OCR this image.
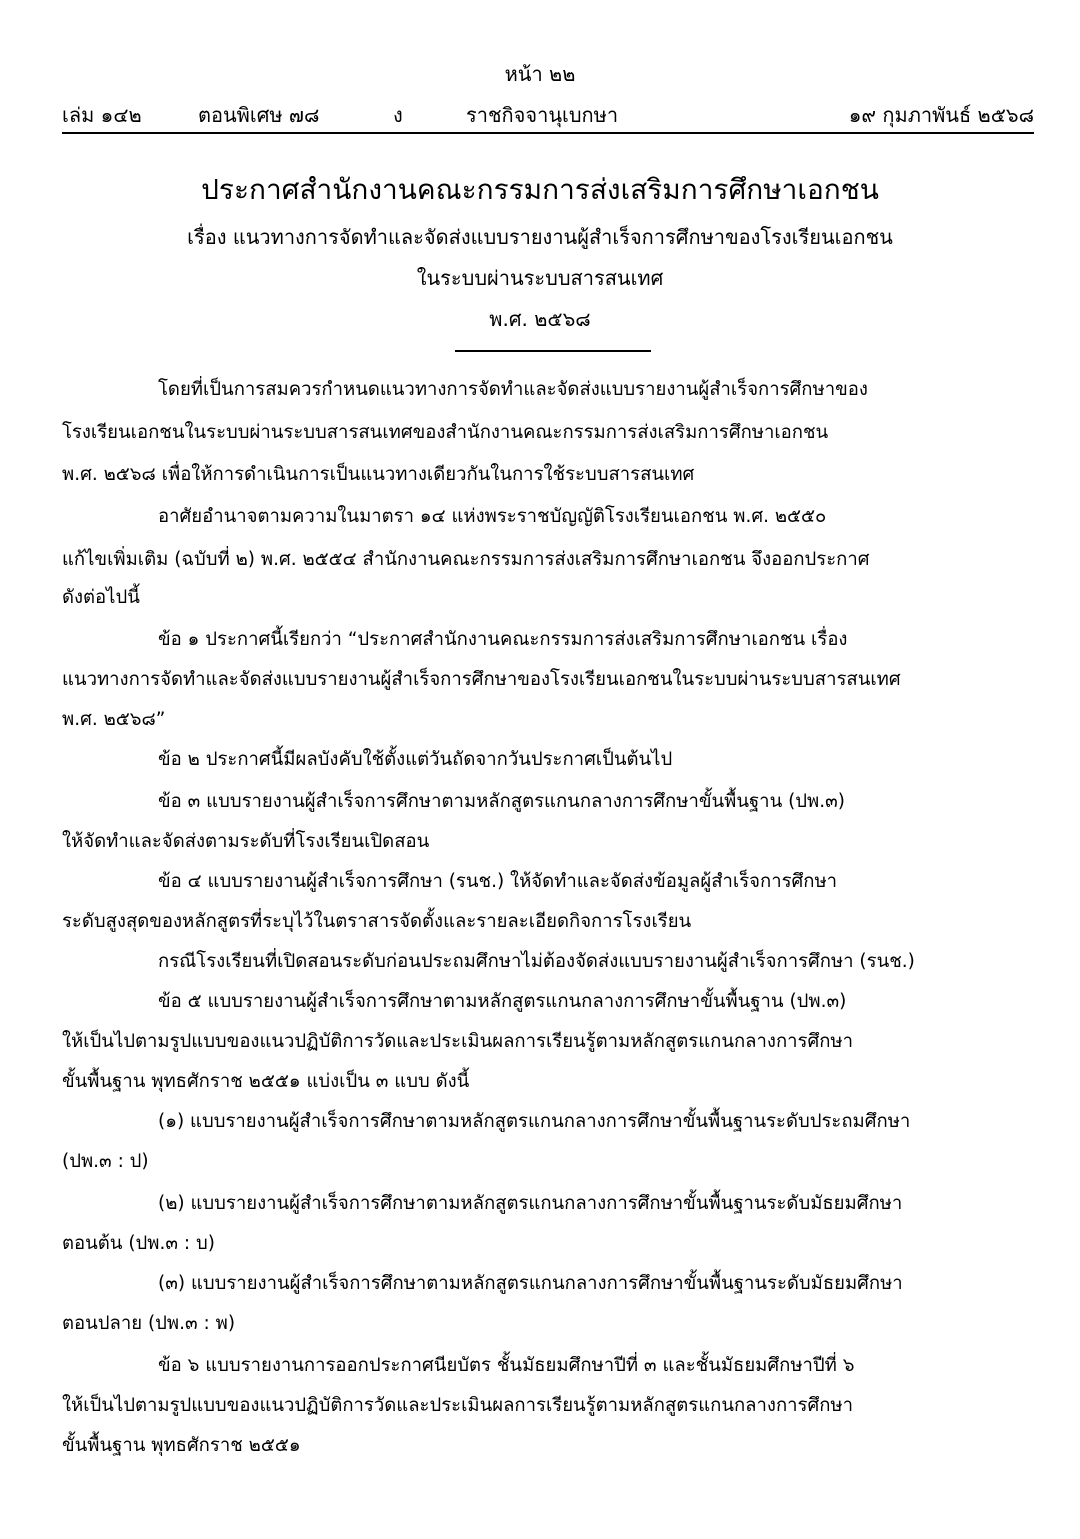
หน้า ๒๒
เล่ม ๑๔๒	ตอนพิเศษ ๗๘	ง	ราชกิจจานุเบกษา	๑๙ กุมภาพันธ์ ๒๕๖๘
ประกาศสำนักงานคณะกรรมการส่งเสริมการศึกษาเอกชน
เรื่อง แนวทางการจัดทำและจัดส่งแบบรายงานผู้สำเร็จการศึกษาของโรงเรียนเอกชน
ในระบบผ่านระบบสารสนเทศ
พ.ศ. ๒๕๖๘
โดยที่เป็นการสมควรกำหนดแนวทางการจัดทำและจัดส่งแบบรายงานผู้สำเร็จการศึกษาของ
โรงเรียนเอกชนในระบบผ่านระบบสารสนเทศของสำนักงานคณะกรรมการส่งเสริมการศึกษาเอกชน
พ.ศ. ๒๕๖๘ เพื่อให้การดำเนินการเป็นแนวทางเดียวกันในการใช้ระบบสารสนเทศ
อาศัยอำนาจตามความในมาตรา ๑๔ แห่งพระราชบัญญัติโรงเรียนเอกชน พ.ศ. ๒๕๕๐
แก้ไขเพิ่มเติม (ฉบับที่ ๒) พ.ศ. ๒๕๕๔ สำนักงานคณะกรรมการส่งเสริมการศึกษาเอกชน จึงออกประกาศ
ดังต่อไปนี้
ข้อ ๑ ประกาศนี้เรียกว่า “ประกาศสำนักงานคณะกรรมการส่งเสริมการศึกษาเอกชน เรื่อง
แนวทางการจัดทำและจัดส่งแบบรายงานผู้สำเร็จการศึกษาของโรงเรียนเอกชนในระบบผ่านระบบสารสนเทศ
พ.ศ. ๒๕๖๘”
ข้อ ๒ ประกาศนี้มีผลบังคับใช้ตั้งแต่วันถัดจากวันประกาศเป็นต้นไป
ข้อ ๓ แบบรายงานผู้สำเร็จการศึกษาตามหลักสูตรแกนกลางการศึกษาขั้นพื้นฐาน (ปพ.๓)
ให้จัดทำและจัดส่งตามระดับที่โรงเรียนเปิดสอน
ข้อ ๔ แบบรายงานผู้สำเร็จการศึกษา (รนช.) ให้จัดทำและจัดส่งข้อมูลผู้สำเร็จการศึกษา
ระดับสูงสุดของหลักสูตรที่ระบุไว้ในตราสารจัดตั้งและรายละเอียดกิจการโรงเรียน
กรณีโรงเรียนที่เปิดสอนระดับก่อนประถมศึกษาไม่ต้องจัดส่งแบบรายงานผู้สำเร็จการศึกษา (รนช.)
ข้อ ๕ แบบรายงานผู้สำเร็จการศึกษาตามหลักสูตรแกนกลางการศึกษาขั้นพื้นฐาน (ปพ.๓)
ให้เป็นไปตามรูปแบบของแนวปฏิบัติการวัดและประเมินผลการเรียนรู้ตามหลักสูตรแกนกลางการศึกษา
ขั้นพื้นฐาน พุทธศักราช ๒๕๕๑ แบ่งเป็น ๓ แบบ ดังนี้
(๑) แบบรายงานผู้สำเร็จการศึกษาตามหลักสูตรแกนกลางการศึกษาขั้นพื้นฐานระดับประถมศึกษา
(ปพ.๓ : ป)
(๒) แบบรายงานผู้สำเร็จการศึกษาตามหลักสูตรแกนกลางการศึกษาขั้นพื้นฐานระดับมัธยมศึกษา
ตอนต้น (ปพ.๓ : บ)
(๓) แบบรายงานผู้สำเร็จการศึกษาตามหลักสูตรแกนกลางการศึกษาขั้นพื้นฐานระดับมัธยมศึกษา
ตอนปลาย (ปพ.๓ : พ)
ข้อ ๖ แบบรายงานการออกประกาศนียบัตร ชั้นมัธยมศึกษาปีที่ ๓ และชั้นมัธยมศึกษาปีที่ ๖
ให้เป็นไปตามรูปแบบของแนวปฏิบัติการวัดและประเมินผลการเรียนรู้ตามหลักสูตรแกนกลางการศึกษา
ขั้นพื้นฐาน พุทธศักราช ๒๕๕๑
